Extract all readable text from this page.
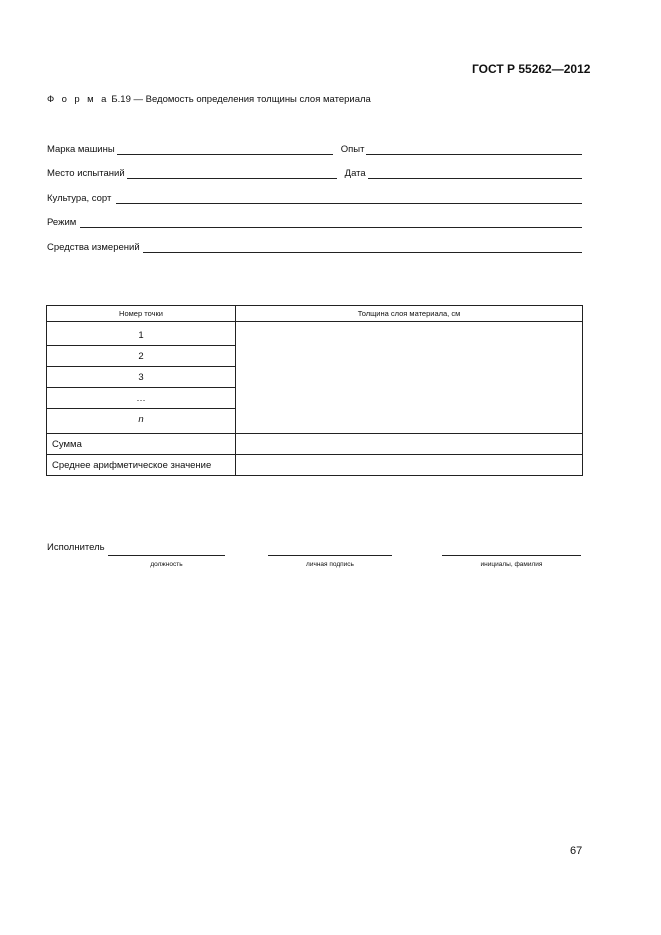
ГОСТ Р 55262—2012
Ф о р м а Б.19 — Ведомость определения толщины слоя материала
Марка машины	Опыт
Место испытаний	Дата
Культура, сорт
Режим
Средства измерений
Номер точки	Толщина слоя материала, см
1	
2	
3	
…	
n	
Сумма	
Среднее арифметическое значение	
Исполнитель
должность	личная подпись	инициалы, фамилия
67
